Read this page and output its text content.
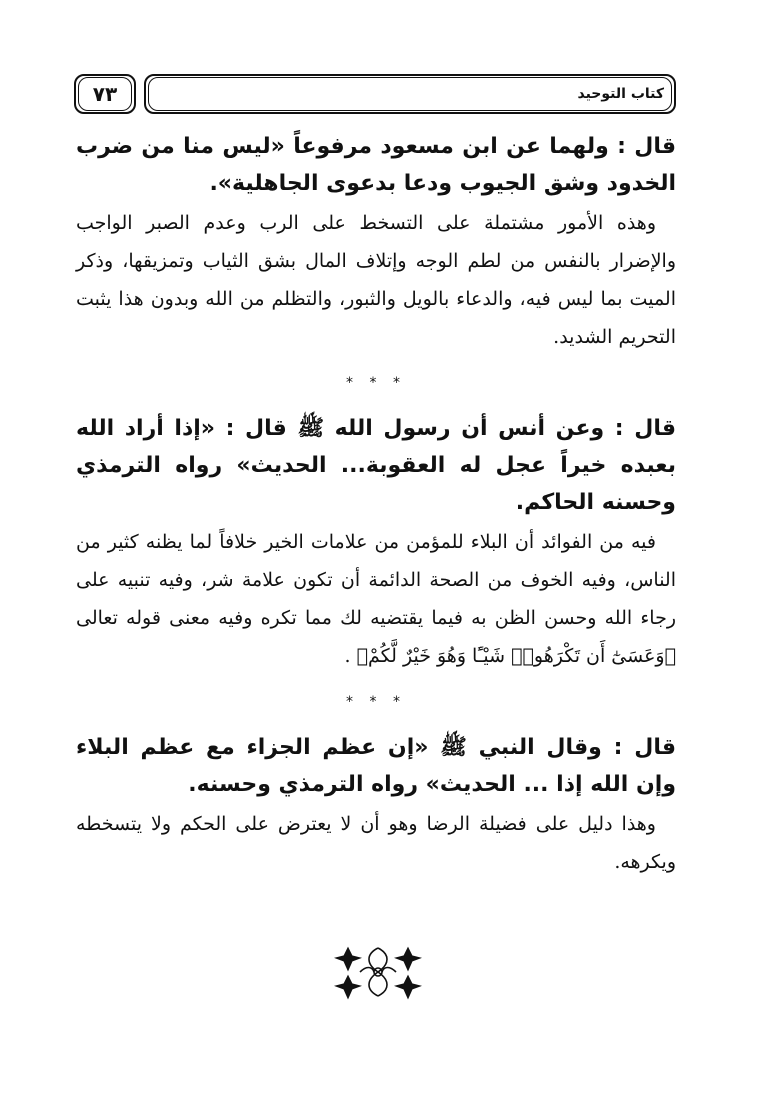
٧٣	كتاب التوحيد

قال : ولهما عن ابن مسعود مرفوعاً «ليس منا من ضرب الخدود وشق الجيوب ودعا بدعوى الجاهلية».

وهذه الأمور مشتملة على التسخط على الرب وعدم الصبر الواجب والإضرار بالنفس من لطم الوجه وإتلاف المال بشق الثياب وتمزيقها، وذكر الميت بما ليس فيه، والدعاء بالويل والثبور، والتظلم من الله وبدون هذا يثبت التحريم الشديد.

* * *

قال : وعن أنس أن رسول الله ﷺ قال : «إذا أراد الله بعبده خيراً عجل له العقوبة... الحديث» رواه الترمذي وحسنه الحاكم.

فيه من الفوائد أن البلاء للمؤمن من علامات الخير خلافاً لما يظنه كثير من الناس، وفيه الخوف من الصحة الدائمة أن تكون علامة شر، وفيه تنبيه على رجاء الله وحسن الظن به فيما يقتضيه لك مما تكره وفيه معنى قوله تعالى ﴿وَعَسَىٰٓ أَن تَكْرَهُوا۟ شَيْـًٔا وَهُوَ خَيْرٌ لَّكُمْ﴾ .

* * *

قال : وقال النبي ﷺ «إن عظم الجزاء مع عظم البلاء وإن الله إذا ... الحديث» رواه الترمذي وحسنه.

وهذا دليل على فضيلة الرضا وهو أن لا يعترض على الحكم ولا يتسخطه ويكرهه.
